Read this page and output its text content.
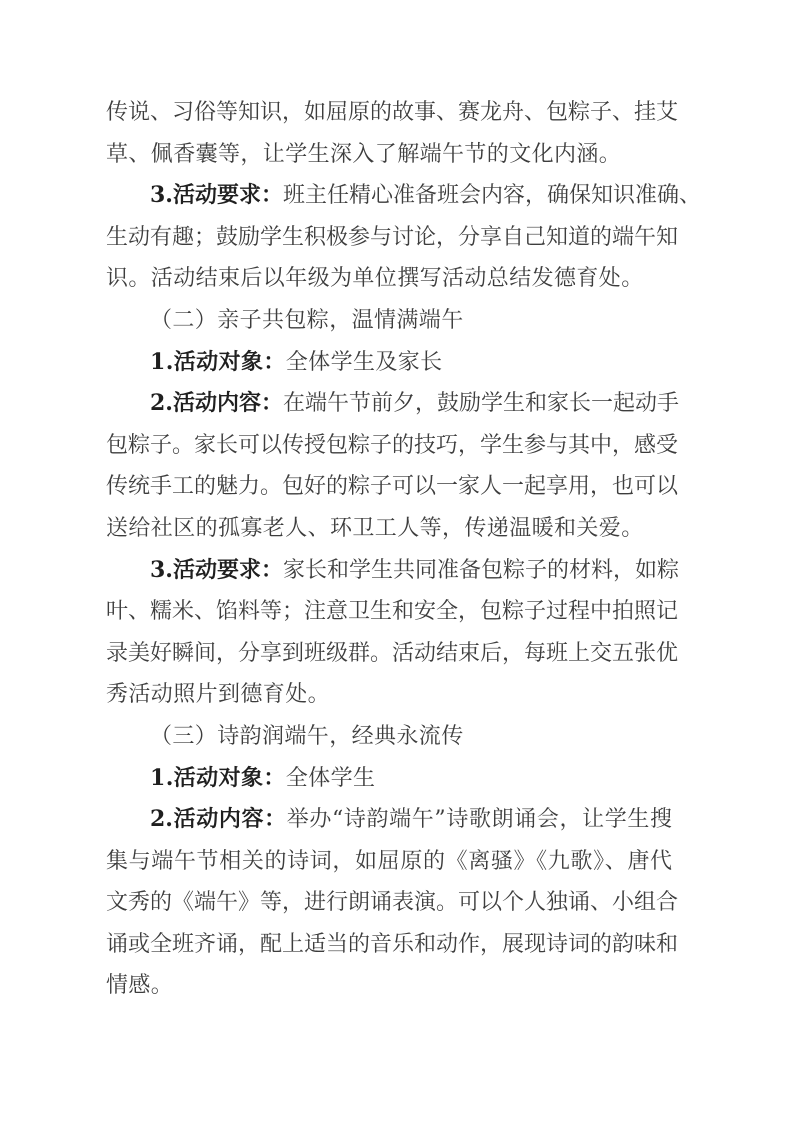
传说、习俗等知识，如屈原的故事、赛龙舟、包粽子、挂艾
草、佩香囊等，让学生深入了解端午节的文化内涵。
3.活动要求：班主任精心准备班会内容，确保知识准确、
生动有趣；鼓励学生积极参与讨论，分享自己知道的端午知
识。活动结束后以年级为单位撰写活动总结发德育处。
（二）亲子共包粽，温情满端午
1.活动对象：全体学生及家长
2.活动内容：在端午节前夕，鼓励学生和家长一起动手
包粽子。家长可以传授包粽子的技巧，学生参与其中，感受
传统手工的魅力。包好的粽子可以一家人一起享用，也可以
送给社区的孤寡老人、环卫工人等，传递温暖和关爱。
3.活动要求：家长和学生共同准备包粽子的材料，如粽
叶、糯米、馅料等；注意卫生和安全，包粽子过程中拍照记
录美好瞬间，分享到班级群。活动结束后，每班上交五张优
秀活动照片到德育处。
（三）诗韵润端午，经典永流传
1.活动对象：全体学生
2.活动内容：举办“诗韵端午”诗歌朗诵会，让学生搜
集与端午节相关的诗词，如屈原的《离骚》《九歌》、唐代
文秀的《端午》等，进行朗诵表演。可以个人独诵、小组合
诵或全班齐诵，配上适当的音乐和动作，展现诗词的韵味和
情感。
